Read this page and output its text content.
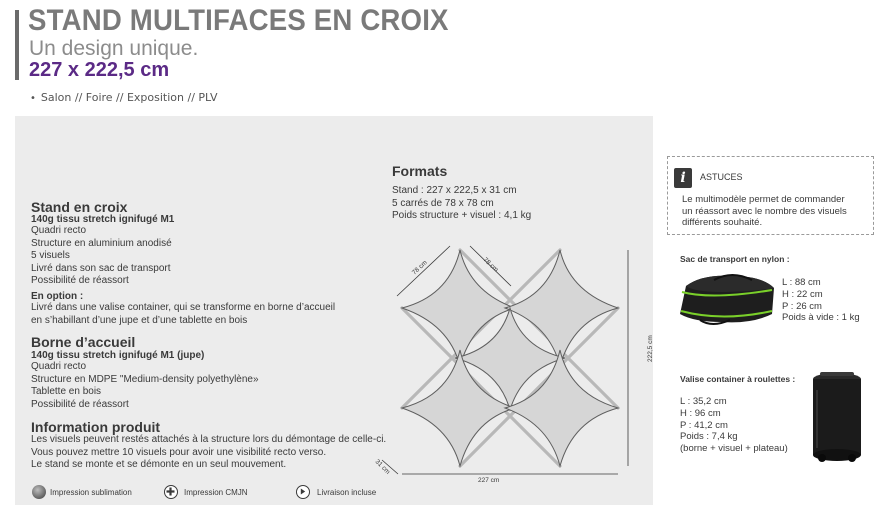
STAND MULTIFACES EN CROIX
Un design unique.
227 x 222,5 cm
• Salon // Foire // Exposition // PLV
Stand en croix
140g tissu stretch ignifugé M1
Quadri recto
Structure en aluminium anodisé
5 visuels
Livré dans son sac de transport
Possibilité de réassort
En option :
Livré dans une valise container, qui se transforme en borne d’accueil
en s’habillant d’une jupe et d’une tablette en bois
Borne d’accueil
140g tissu stretch ignifugé M1 (jupe)
Quadri recto
Structure en MDPE "Medium-density polyethylène»
Tablette en bois
Possibilité de réassort
Information produit
Les visuels peuvent restés attachés à la structure lors du démontage de celle-ci.
Vous pouvez mettre 10 visuels pour avoir une visibilité recto verso.
Le stand se monte et se démonte en un seul mouvement.
Impression sublimation	Impression CMJN	Livraison incluse
Formats
Stand : 227 x 222,5 x 31 cm
5 carrés de 78 x 78 cm
Poids structure + visuel : 4,1 kg
78 cm	78 cm
222,5 cm
227 cm
31 cm
i	ASTUCES
Le multimodèle permet de commander
un réassort avec le nombre des visuels
différents souhaité.
Sac de transport en nylon :
L : 88 cm
H : 22 cm
P : 26 cm
Poids à vide : 1 kg
Valise container à roulettes :
L : 35,2 cm
H : 96 cm
P : 41,2 cm
Poids : 7,4 kg
(borne + visuel + plateau)
